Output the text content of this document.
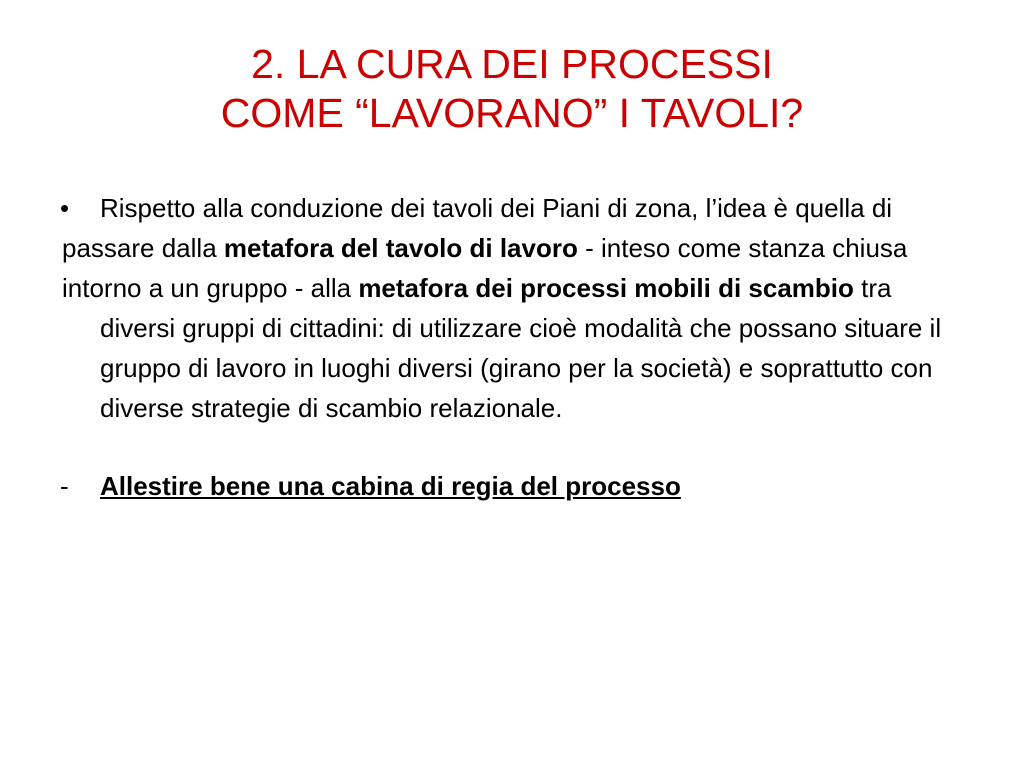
2. LA CURA DEI PROCESSI
COME “LAVORANO” I TAVOLI?

• Rispetto alla conduzione dei tavoli dei Piani di zona, l’idea è quella di

passare dalla metafora del tavolo di lavoro - inteso come stanza chiusa

intorno a un gruppo - alla metafora dei processi mobili di scambio tra diversi gruppi di cittadini: di utilizzare cioè modalità che possano situare il gruppo di lavoro in luoghi diversi (girano per la società) e soprattutto con diverse strategie di scambio relazionale.

- Allestire bene una cabina di regia del processo
